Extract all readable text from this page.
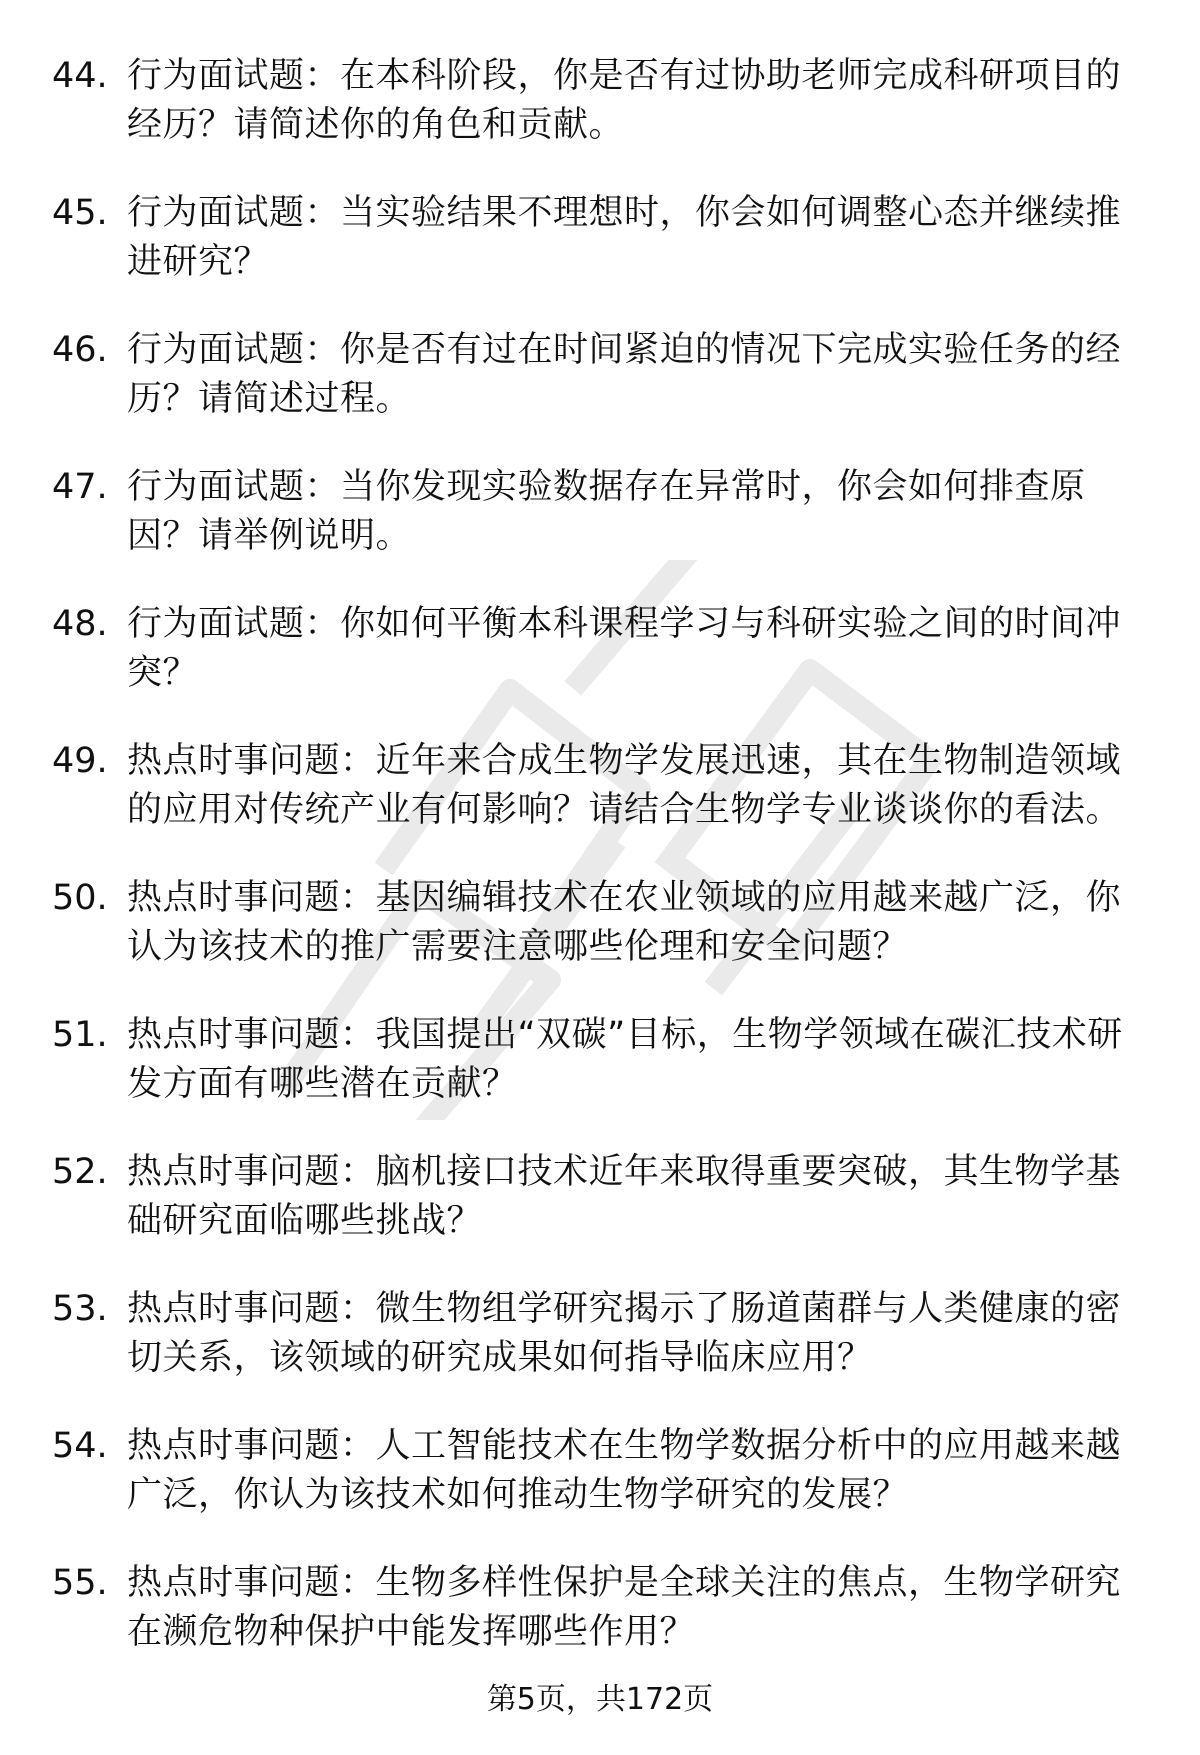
44. 行为面试题：在本科阶段，你是否有过协助老师完成科研项目的经历？请简述你的角色和贡献。
45. 行为面试题：当实验结果不理想时，你会如何调整心态并继续推进研究？
46. 行为面试题：你是否有过在时间紧迫的情况下完成实验任务的经历？请简述过程。
47. 行为面试题：当你发现实验数据存在异常时，你会如何排查原因？请举例说明。
48. 行为面试题：你如何平衡本科课程学习与科研实验之间的时间冲突？
49. 热点时事问题：近年来合成生物学发展迅速，其在生物制造领域的应用对传统产业有何影响？请结合生物学专业谈谈你的看法。
50. 热点时事问题：基因编辑技术在农业领域的应用越来越广泛，你认为该技术的推广需要注意哪些伦理和安全问题？
51. 热点时事问题：我国提出“双碳”目标，生物学领域在碳汇技术研发方面有哪些潜在贡献？
52. 热点时事问题：脑机接口技术近年来取得重要突破，其生物学基础研究面临哪些挑战？
53. 热点时事问题：微生物组学研究揭示了肠道菌群与人类健康的密切关系，该领域的研究成果如何指导临床应用？
54. 热点时事问题：人工智能技术在生物学数据分析中的应用越来越广泛，你认为该技术如何推动生物学研究的发展？
55. 热点时事问题：生物多样性保护是全球关注的焦点，生物学研究在濒危物种保护中能发挥哪些作用？
第5页，共172页
